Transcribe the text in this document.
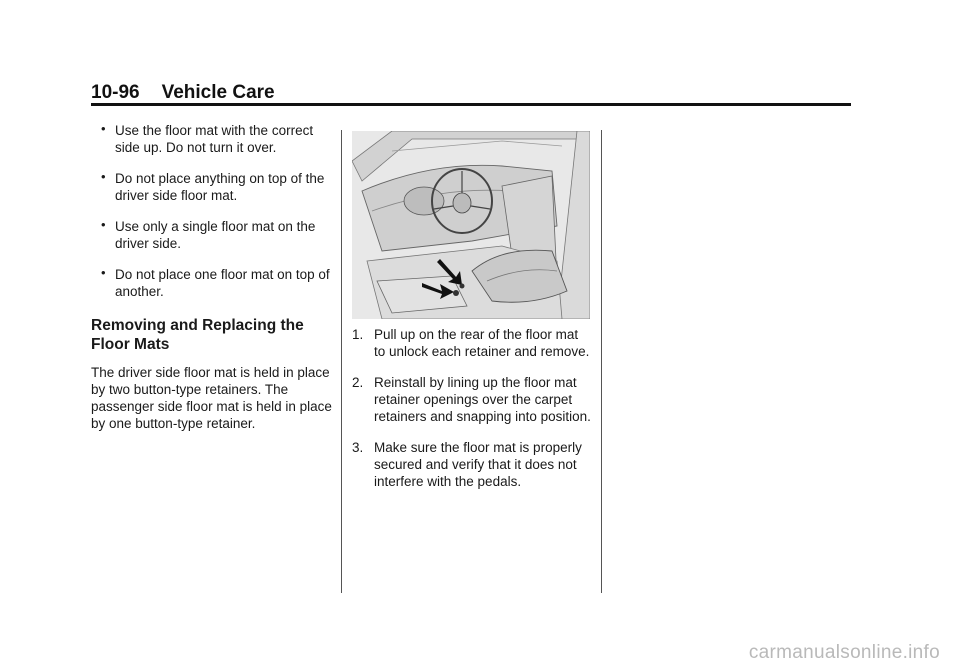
10-96 Vehicle Care
• Use the floor mat with the correct side up. Do not turn it over.
• Do not place anything on top of the driver side floor mat.
• Use only a single floor mat on the driver side.
• Do not place one floor mat on top of another.
Removing and Replacing the Floor Mats

The driver side floor mat is held in place by two button-type retainers. The passenger side floor mat is held in place by one button-type retainer.

1. Pull up on the rear of the floor mat to unlock each retainer and remove.
2. Reinstall by lining up the floor mat retainer openings over the carpet retainers and snapping into position.
3. Make sure the floor mat is properly secured and verify that it does not interfere with the pedals.
carmanualsonline.info
